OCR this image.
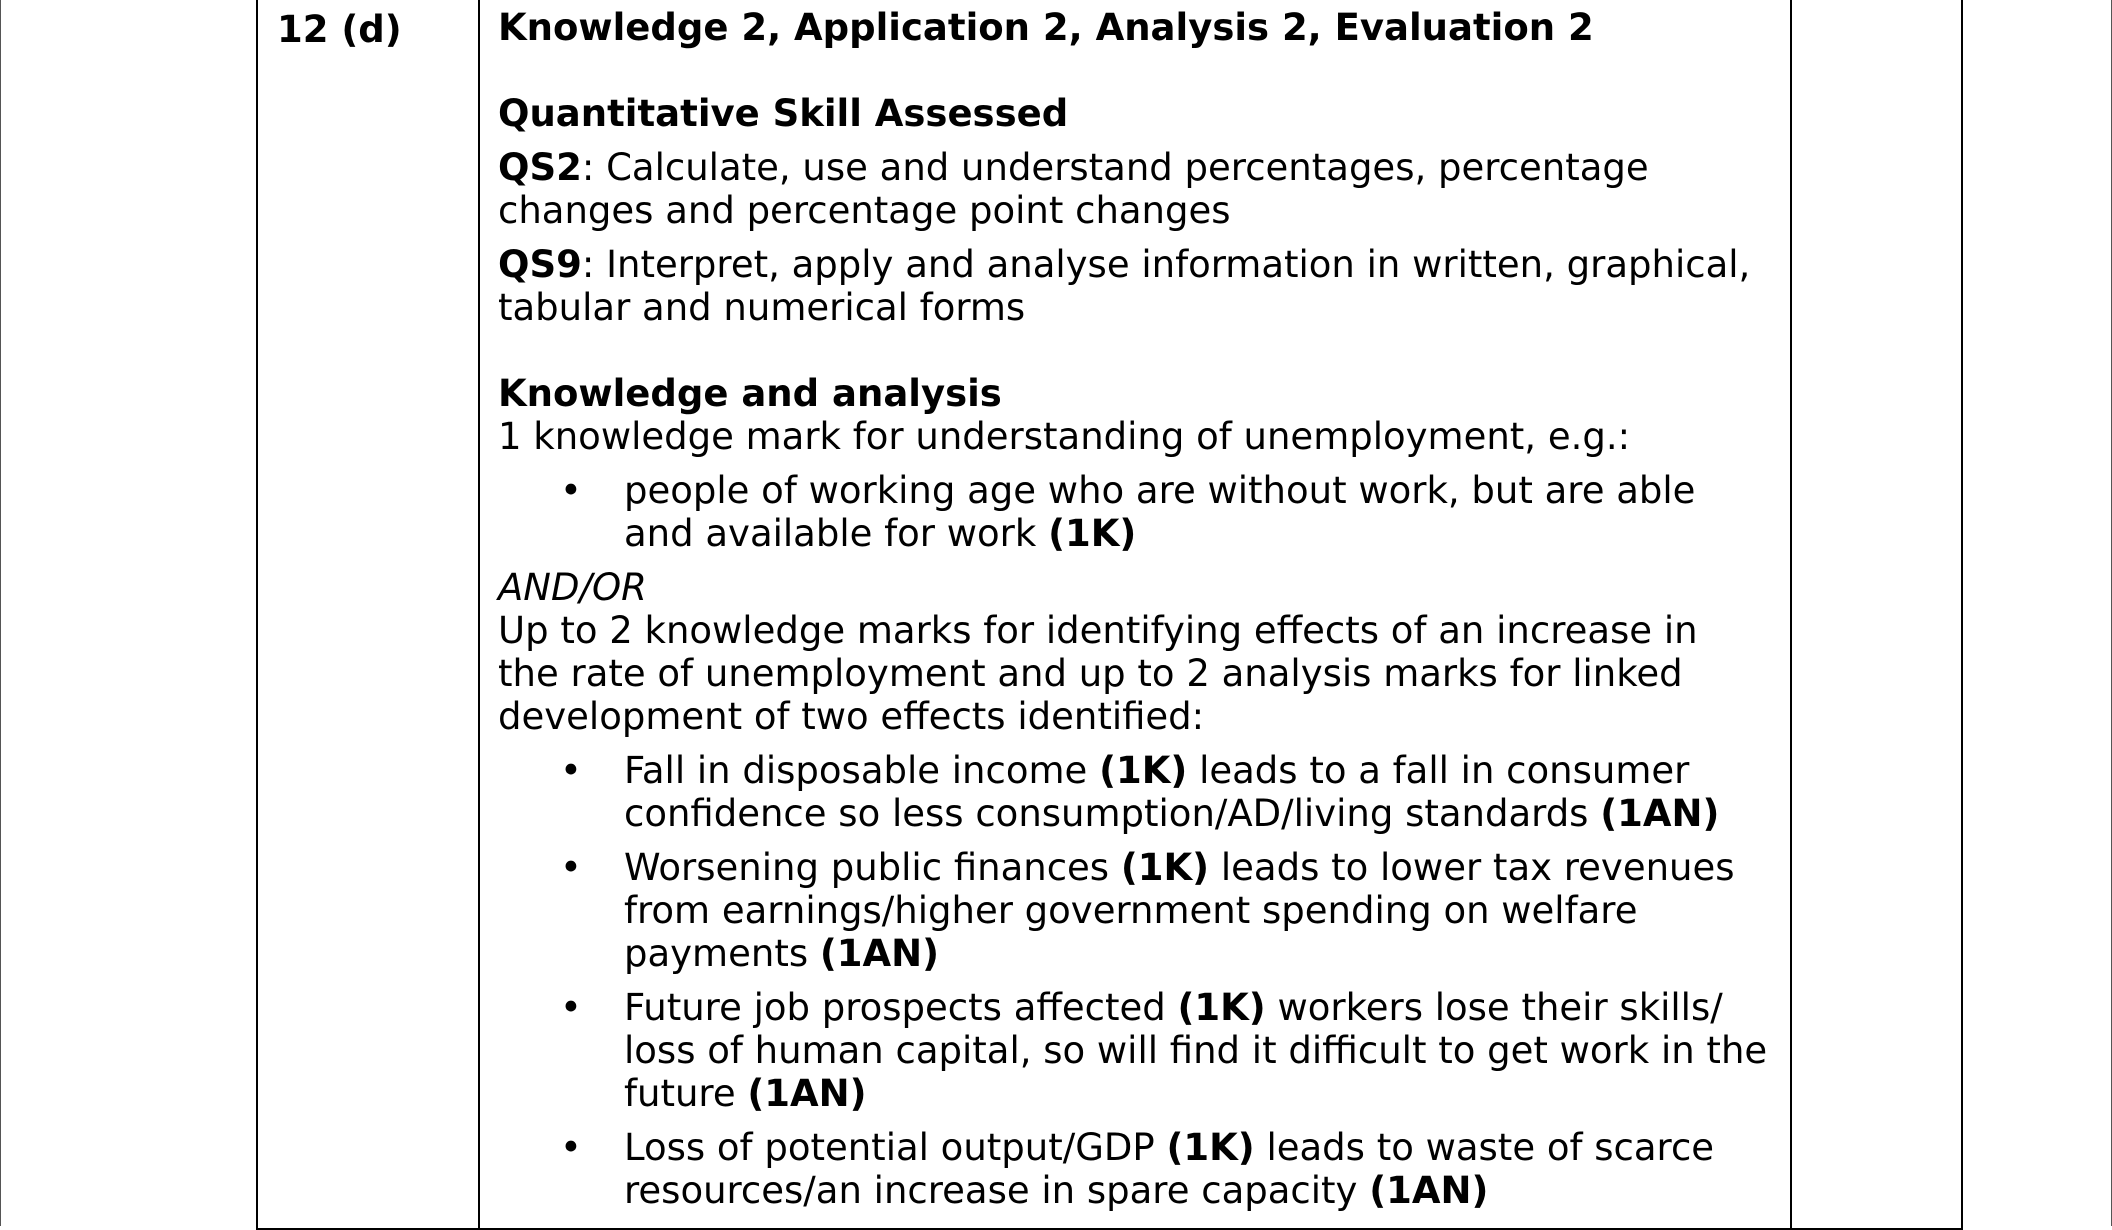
12 (d)	Knowledge 2, Application 2, Analysis 2, Evaluation 2

Quantitative Skill Assessed

QS2: Calculate, use and understand percentages, percentage changes and percentage point changes

QS9: Interpret, apply and analyse information in written, graphical, tabular and numerical forms

Knowledge and analysis

1 knowledge mark for understanding of unemployment, e.g.:

• people of working age who are without work, but are able and available for work (1K)

AND/OR

Up to 2 knowledge marks for identifying effects of an increase in the rate of unemployment and up to 2 analysis marks for linked development of two effects identified:

• Fall in disposable income (1K) leads to a fall in consumer confidence so less consumption/AD/living standards (1AN)
• Worsening public finances (1K) leads to lower tax revenues from earnings/higher government spending on welfare payments (1AN)
• Future job prospects affected (1K) workers lose their skills/ loss of human capital, so will find it difficult to get work in the future (1AN)
• Loss of potential output/GDP (1K) leads to waste of scarce resources/an increase in spare capacity (1AN)
